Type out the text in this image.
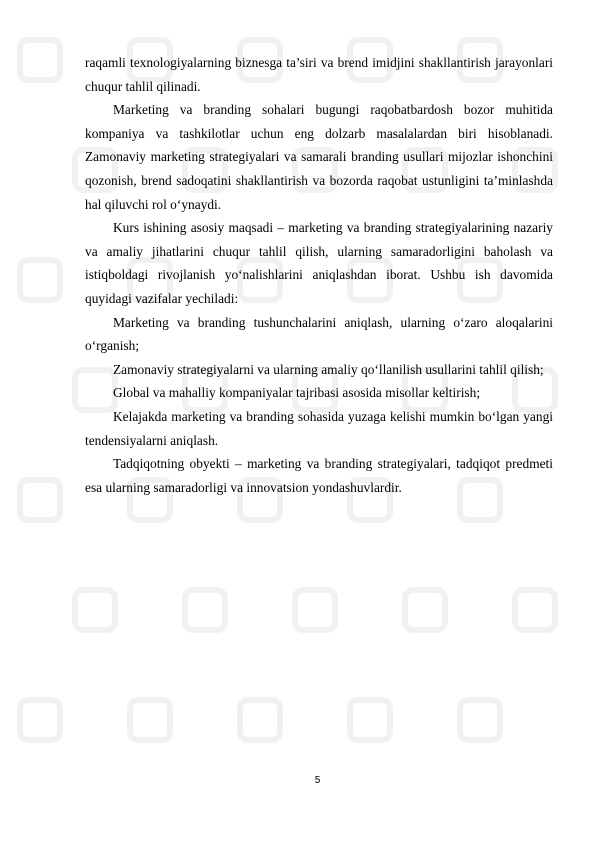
raqamli texnologiyalarning biznesga ta’siri va brend imidjini shakllantirish jarayonlari chuqur tahlil qilinadi.

Marketing va branding sohalari bugungi raqobatbardosh bozor muhitida kompaniya va tashkilotlar uchun eng dolzarb masalalardan biri hisoblanadi. Zamonaviy marketing strategiyalari va samarali branding usullari mijozlar ishonchini qozonish, brend sadoqatini shakllantirish va bozorda raqobat ustunligini ta’minlashda hal qiluvchi rol o‘ynaydi.

Kurs ishining asosiy maqsadi – marketing va branding strategiyalarining nazariy va amaliy jihatlarini chuqur tahlil qilish, ularning samaradorligini baholash va istiqboldagi rivojlanish yo‘nalishlarini aniqlashdan iborat. Ushbu ish davomida quyidagi vazifalar yechiladi:

Marketing va branding tushunchalarini aniqlash, ularning o‘zaro aloqalarini o‘rganish;

Zamonaviy strategiyalarni va ularning amaliy qo‘llanilish usullarini tahlil qilish;

Global va mahalliy kompaniyalar tajribasi asosida misollar keltirish;

Kelajakda marketing va branding sohasida yuzaga kelishi mumkin bo‘lgan yangi tendensiyalarni aniqlash.

Tadqiqotning obyekti – marketing va branding strategiyalari, tadqiqot predmeti esa ularning samaradorligi va innovatsion yondashuvlardir.

5
